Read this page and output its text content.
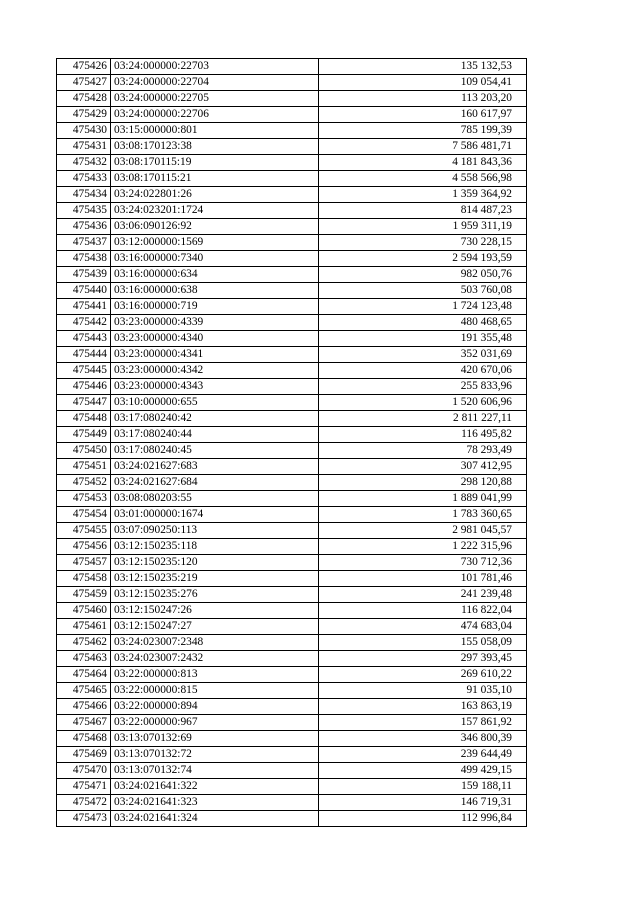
475426	03:24:000000:22703	135 132,53
475427	03:24:000000:22704	109 054,41
475428	03:24:000000:22705	113 203,20
475429	03:24:000000:22706	160 617,97
475430	03:15:000000:801	785 199,39
475431	03:08:170123:38	7 586 481,71
475432	03:08:170115:19	4 181 843,36
475433	03:08:170115:21	4 558 566,98
475434	03:24:022801:26	1 359 364,92
475435	03:24:023201:1724	814 487,23
475436	03:06:090126:92	1 959 311,19
475437	03:12:000000:1569	730 228,15
475438	03:16:000000:7340	2 594 193,59
475439	03:16:000000:634	982 050,76
475440	03:16:000000:638	503 760,08
475441	03:16:000000:719	1 724 123,48
475442	03:23:000000:4339	480 468,65
475443	03:23:000000:4340	191 355,48
475444	03:23:000000:4341	352 031,69
475445	03:23:000000:4342	420 670,06
475446	03:23:000000:4343	255 833,96
475447	03:10:000000:655	1 520 606,96
475448	03:17:080240:42	2 811 227,11
475449	03:17:080240:44	116 495,82
475450	03:17:080240:45	78 293,49
475451	03:24:021627:683	307 412,95
475452	03:24:021627:684	298 120,88
475453	03:08:080203:55	1 889 041,99
475454	03:01:000000:1674	1 783 360,65
475455	03:07:090250:113	2 981 045,57
475456	03:12:150235:118	1 222 315,96
475457	03:12:150235:120	730 712,36
475458	03:12:150235:219	101 781,46
475459	03:12:150235:276	241 239,48
475460	03:12:150247:26	116 822,04
475461	03:12:150247:27	474 683,04
475462	03:24:023007:2348	155 058,09
475463	03:24:023007:2432	297 393,45
475464	03:22:000000:813	269 610,22
475465	03:22:000000:815	91 035,10
475466	03:22:000000:894	163 863,19
475467	03:22:000000:967	157 861,92
475468	03:13:070132:69	346 800,39
475469	03:13:070132:72	239 644,49
475470	03:13:070132:74	499 429,15
475471	03:24:021641:322	159 188,11
475472	03:24:021641:323	146 719,31
475473	03:24:021641:324	112 996,84
